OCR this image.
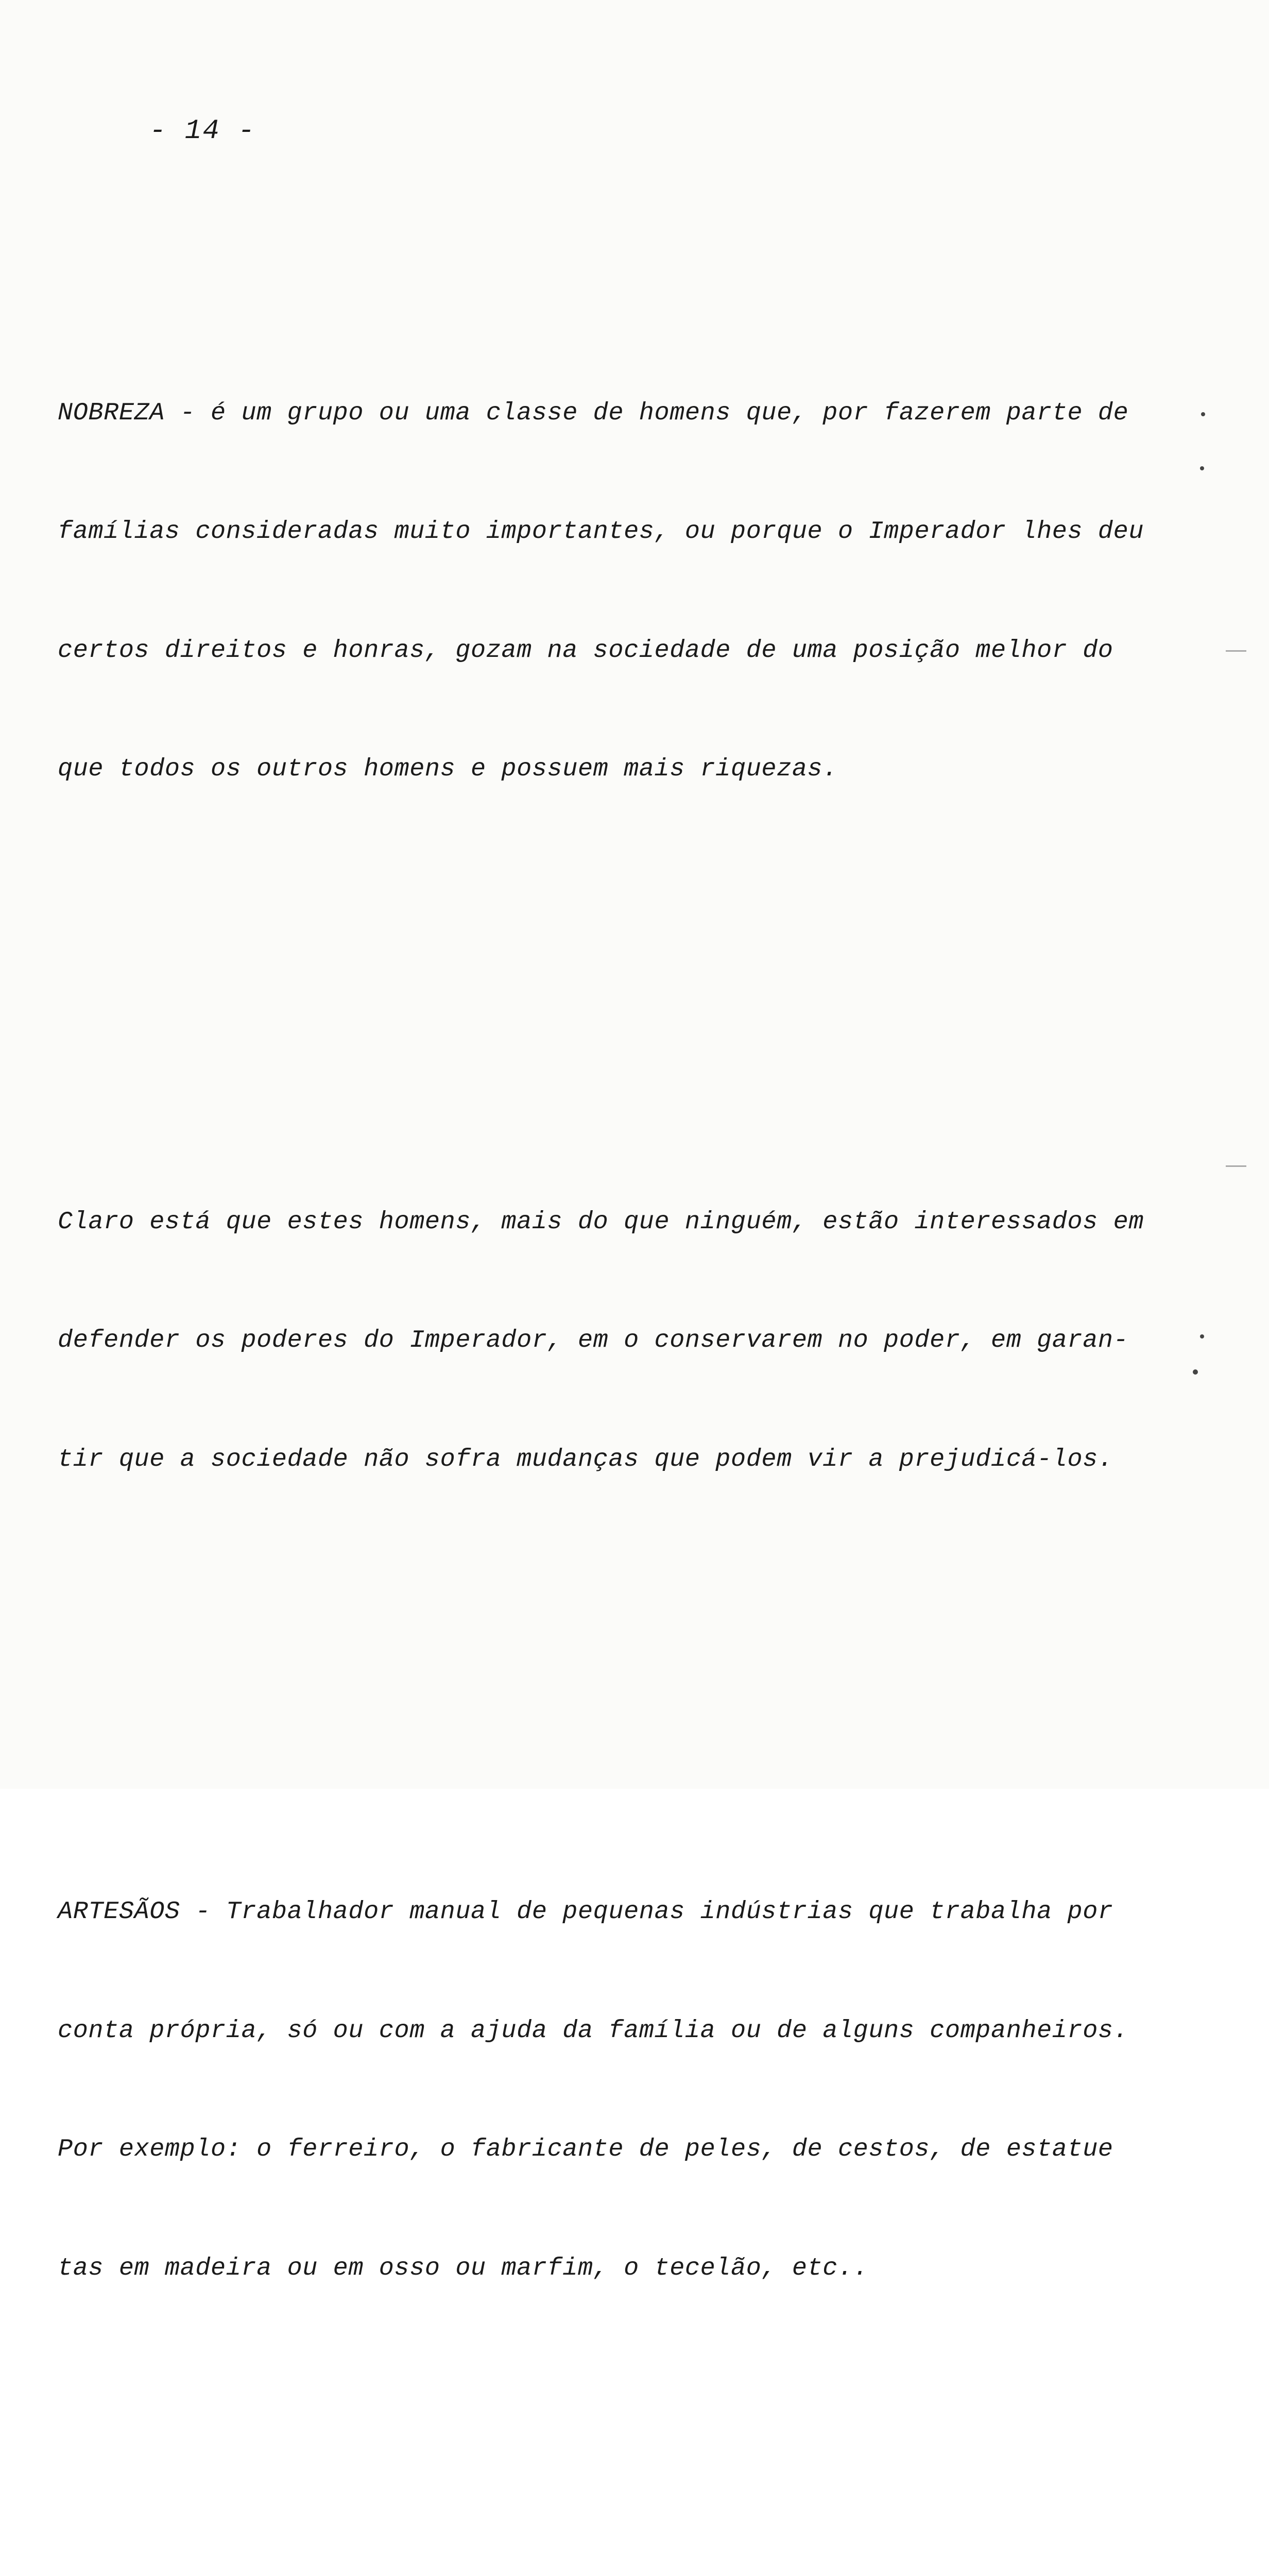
- 14 -

NOBREZA - é um grupo ou uma classe de homens que, por fazerem parte de

famílias consideradas muito importantes, ou porque o Imperador lhes deu

certos direitos e honras, gozam na sociedade de uma posição melhor do

que todos os outros homens e possuem mais riquezas.

Claro está que estes homens, mais do que ninguém, estão interessados em

defender os poderes do Imperador, em o conservarem no poder, em garan-

tir que a sociedade não sofra mudanças que podem vir a prejudicá-los.

ARTESÃOS - Trabalhador manual de pequenas indústrias que trabalha por

conta própria, só ou com a ajuda da família ou de alguns companheiros.

Por exemplo: o ferreiro, o fabricante de peles, de cestos, de estatue

tas em madeira ou em osso ou marfim, o tecelão, etc..
